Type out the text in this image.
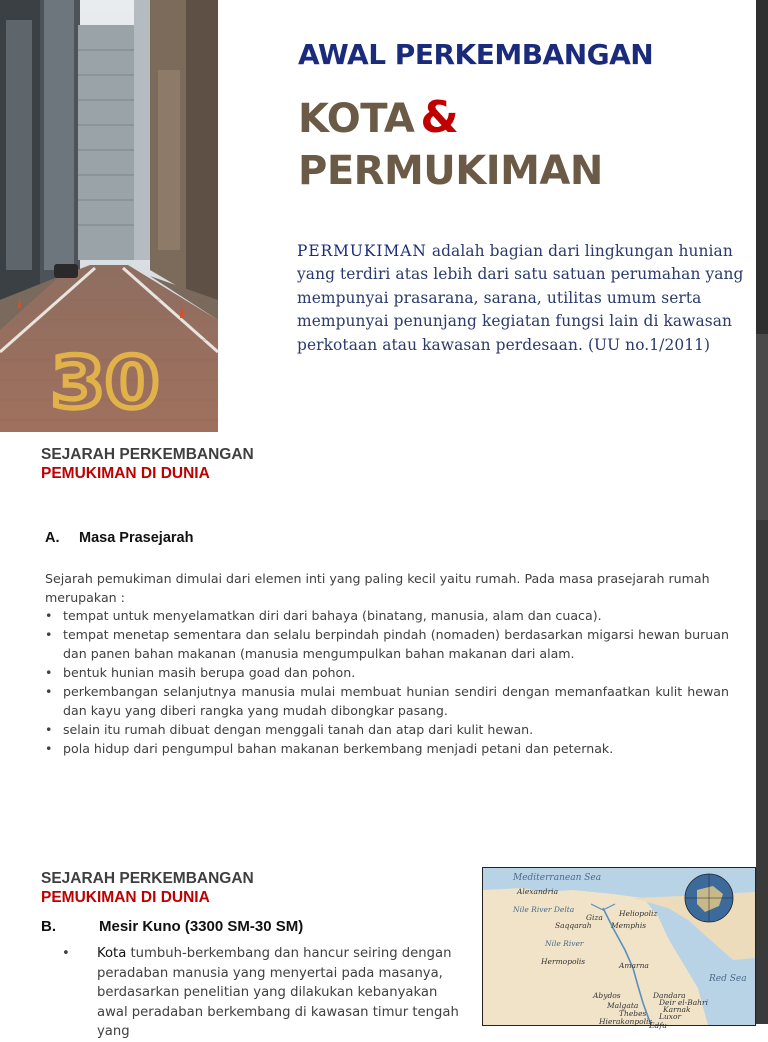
30
AWAL PERKEMBANGAN
KOTA &
PERMUKIMAN
PERMUKIMAN adalah bagian dari lingkungan hunian yang terdiri atas lebih dari satu satuan perumahan yang mempunyai prasarana, sarana, utilitas umum serta mempunyai penunjang kegiatan fungsi lain di kawasan perkotaan atau kawasan perdesaan. (UU no.1/2011)
SEJARAH PERKEMBANGAN
PEMUKIMAN DI DUNIA
A. Masa Prasejarah
Sejarah pemukiman dimulai dari elemen inti yang paling kecil yaitu rumah. Pada masa prasejarah rumah merupakan :
• tempat untuk menyelamatkan diri dari bahaya (binatang, manusia, alam dan cuaca).
• tempat menetap sementara dan selalu berpindah pindah (nomaden) berdasarkan migarsi hewan buruan dan panen bahan makanan (manusia mengumpulkan bahan makanan dari alam.
• bentuk hunian masih berupa goad dan pohon.
• perkembangan selanjutnya manusia mulai membuat hunian sendiri dengan memanfaatkan kulit hewan dan kayu yang diberi rangka yang mudah dibongkar pasang.
• selain itu rumah dibuat dengan menggali tanah dan atap dari kulit hewan.
• pola hidup dari pengumpul bahan makanan berkembang menjadi petani dan peternak.
SEJARAH PERKEMBANGAN
PEMUKIMAN DI DUNIA
B.	Mesir Kuno (3300 SM-30 SM)
•	Kota tumbuh-berkembang dan hancur seiring dengan peradaban manusia yang menyertai pada masanya, berdasarkan penelitian yang dilakukan kebanyakan awal peradaban berkembang di kawasan timur tengah yang
Mediterranean Sea
Alexandria
Nile River Delta
Giza Heliopoliz
Saqqarah	Memphis
Nile River
Hermopolis	Amarna
Red Sea
Abydos	Dandara
Deir el-Bahri
Malgata	Karnak
Thebes Luxor
Hierakonpolis
Edfu
